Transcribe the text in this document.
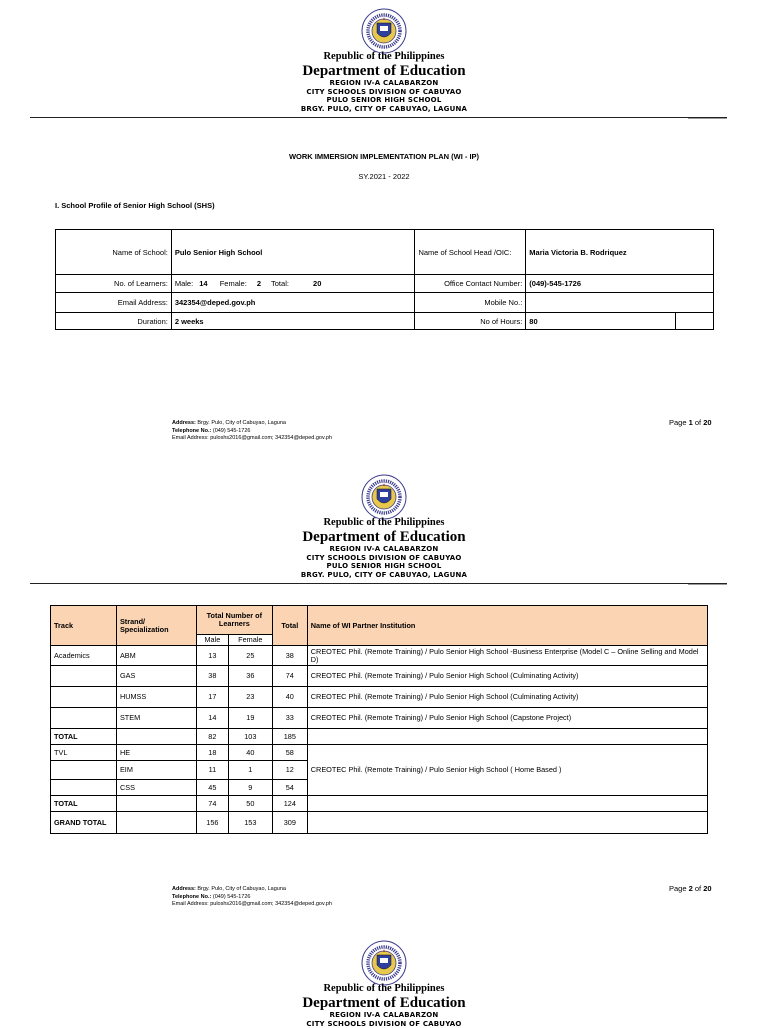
Republic of the Philippines
Department of Education
REGION IV-A CALABARZON
CITY SCHOOLS DIVISION OF CABUYAO
PULO SENIOR HIGH SCHOOL
BRGY. PULO, CITY OF CABUYAO, LAGUNA
WORK IMMERSION IMPLEMENTATION PLAN (WI - IP)
SY.2021 - 2022
I. School Profile of Senior High School (SHS)
Name of School:	Pulo Senior High School	Name of School Head /OIC:	Maria Victoria B. Rodriquez	
No. of Learners:	Male: 14 Female: 2 Total: 20	Office Contact Number:	(049)-545-1726	
Email Address:	342354@deped.gov.ph	Mobile No.:		
Duration:	2 weeks	No of Hours:	80	
Address: Brgy. Pulo, City of Cabuyao, Laguna
Telephone No.: (049) 545-1726
Email Address: puloshs2016@gmail.com; 342354@deped.gov.ph
Page 1 of 20
Republic of the Philippines
Department of Education
REGION IV-A CALABARZON
CITY SCHOOLS DIVISION OF CABUYAO
PULO SENIOR HIGH SCHOOL
BRGY. PULO, CITY OF CABUYAO, LAGUNA
Track	Strand/ Specialization	Total Number of Learners		Total	Name of WI Partner Institution
		Male	Female		
Academics	ABM	13	25	38	CREOTEC Phil. (Remote Training) / Pulo Senior High School -Business Enterprise (Model C – Online Selling and Model D)
	GAS	38	36	74	CREOTEC Phil. (Remote Training) / Pulo Senior High School (Culminating Activity)
	HUMSS	17	23	40	CREOTEC Phil. (Remote Training) / Pulo Senior High School (Culminating Activity)
	STEM	14	19	33	CREOTEC Phil. (Remote Training) / Pulo Senior High School (Capstone Project)
TOTAL		82	103	185	
TVL	HE	18	40	58	CREOTEC Phil. (Remote Training) / Pulo Senior High School ( Home Based )
	EIM	11	1	12	
	CSS	45	9	54	
TOTAL		74	50	124	
GRAND TOTAL		156	153	309	
Address: Brgy. Pulo, City of Cabuyao, Laguna
Telephone No.: (049) 545-1726
Email Address: puloshs2016@gmail.com; 342354@deped.gov.ph
Page 2 of 20
Republic of the Philippines
Department of Education
REGION IV-A CALABARZON
CITY SCHOOLS DIVISION OF CABUYAO
